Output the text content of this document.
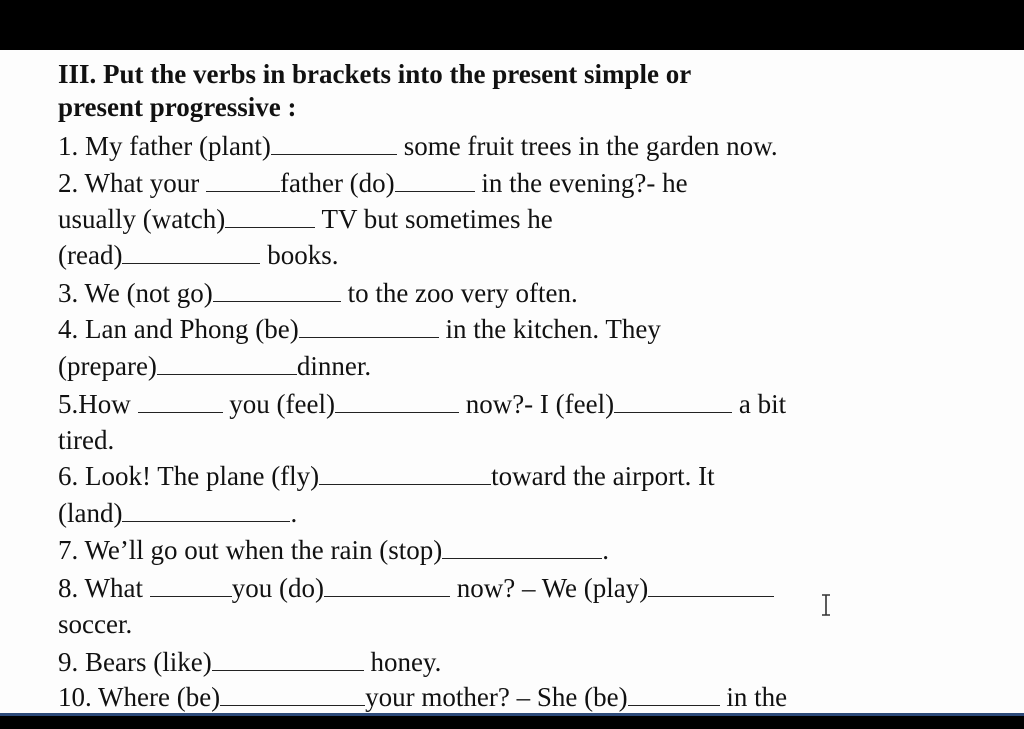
III. Put the verbs in brackets into the present simple or
present progressive :
1. My father (plant)	some fruit trees in the garden now.
2. What your	father (do)	in the evening?- he
usually (watch)	TV but sometimes he
(read)	books.
3. We (not go)	to the zoo very often.
4. Lan and Phong (be)	in the kitchen. They
(prepare)	dinner.
5.How	you (feel)	now?- I (feel)	a bit
tired.
6. Look! The plane (fly)	toward the airport. It
(land)	.
7. We’ll go out when the rain (stop)	.
8. What	you (do)	now? – We (play)
soccer.
9. Bears (like)	honey.
10. Where (be)	your mother? – She (be)	in the
